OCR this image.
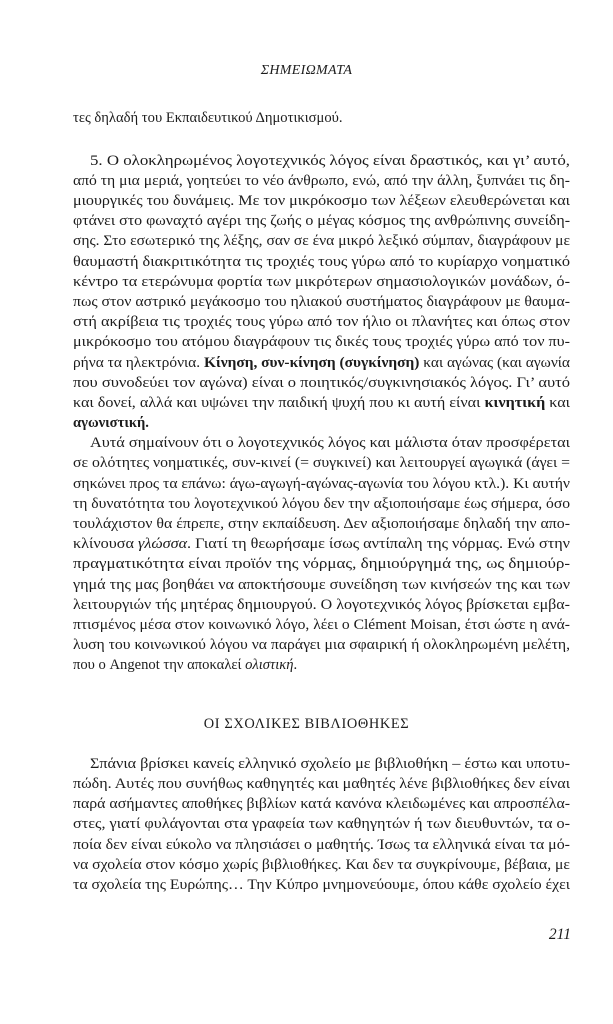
ΣΗΜΕΙΩΜΑΤΑ
τες δηλαδή του Εκπαιδευτικού Δημοτικισμού.
5. Ο ολοκληρωμένος λογοτεχνικός λόγος είναι δραστικός, και γι’ αυτό,
από τη μια μεριά, γοητεύει το νέο άνθρωπο, ενώ, από την άλλη, ξυπνάει τις δη-
μιουργικές του δυνάμεις. Με τον μικρόκοσμο των λέξεων ελευθερώνεται και
φτάνει στο φωναχτό αγέρι της ζωής ο μέγας κόσμος της ανθρώπινης συνείδη-
σης. Στο εσωτερικό της λέξης, σαν σε ένα μικρό λεξικό σύμπαν, διαγράφουν με
θαυμαστή διακριτικότητα τις τροχιές τους γύρω από το κυρίαρχο νοηματικό
κέντρο τα ετερώνυμα φορτία των μικρότερων σημασιολογικών μονάδων, ό-
πως στον αστρικό μεγάκοσμο του ηλιακού συστήματος διαγράφουν με θαυμα-
στή ακρίβεια τις τροχιές τους γύρω από τον ήλιο οι πλανήτες και όπως στον
μικρόκοσμο του ατόμου διαγράφουν τις δικές τους τροχιές γύρω από τον πυ-
ρήνα τα ηλεκτρόνια. Κίνηση, συν-κίνηση (συγκίνηση) και αγώνας (και αγωνία
που συνοδεύει τον αγώνα) είναι ο ποιητικός/συγκινησιακός λόγος. Γι’ αυτό
και δονεί, αλλά και υψώνει την παιδική ψυχή που κι αυτή είναι κινητική και
αγωνιστική.
Αυτά σημαίνουν ότι ο λογοτεχνικός λόγος και μάλιστα όταν προσφέρεται
σε ολότητες νοηματικές, συν-κινεί (= συγκινεί) και λειτουργεί αγωγικά (άγει =
σηκώνει προς τα επάνω: άγω-αγωγή-αγώνας-αγωνία του λόγου κτλ.). Κι αυτήν
τη δυνατότητα του λογοτεχνικού λόγου δεν την αξιοποιήσαμε έως σήμερα, όσο
τουλάχιστον θα έπρεπε, στην εκπαίδευση. Δεν αξιοποιήσαμε δηλαδή την απο-
κλίνουσα γλώσσα. Γιατί τη θεωρήσαμε ίσως αντίπαλη της νόρμας. Ενώ στην
πραγματικότητα είναι προϊόν της νόρμας, δημιούργημά της, ως δημιούρ-
γημά της μας βοηθάει να αποκτήσουμε συνείδηση των κινήσεών της και των
λειτουργιών τής μητέρας δημιουργού. Ο λογοτεχνικός λόγος βρίσκεται εμβα-
πτισμένος μέσα στον κοινωνικό λόγο, λέει ο Clément Moisan, έτσι ώστε η ανά-
λυση του κοινωνικού λόγου να παράγει μια σφαιρική ή ολοκληρωμένη μελέτη,
που ο Angenot την αποκαλεί ολιστική.
Σπάνια βρίσκει κανείς ελληνικό σχολείο με βιβλιοθήκη – έστω και υποτυ-
πώδη. Αυτές που συνήθως καθηγητές και μαθητές λένε βιβλιοθήκες δεν είναι
παρά ασήμαντες αποθήκες βιβλίων κατά κανόνα κλειδωμένες και απροσπέλα-
στες, γιατί φυλάγονται στα γραφεία των καθηγητών ή των διευθυντών, τα ο-
ποία δεν είναι εύκολο να πλησιάσει ο μαθητής. Ίσως τα ελληνικά είναι τα μό-
να σχολεία στον κόσμο χωρίς βιβλιοθήκες. Και δεν τα συγκρίνουμε, βέβαια, με
τα σχολεία της Ευρώπης… Την Κύπρο μνημονεύουμε, όπου κάθε σχολείο έχει
ΟΙ ΣΧΟΛΙΚΕΣ ΒΙΒΛΙΟΘΗΚΕΣ
211
